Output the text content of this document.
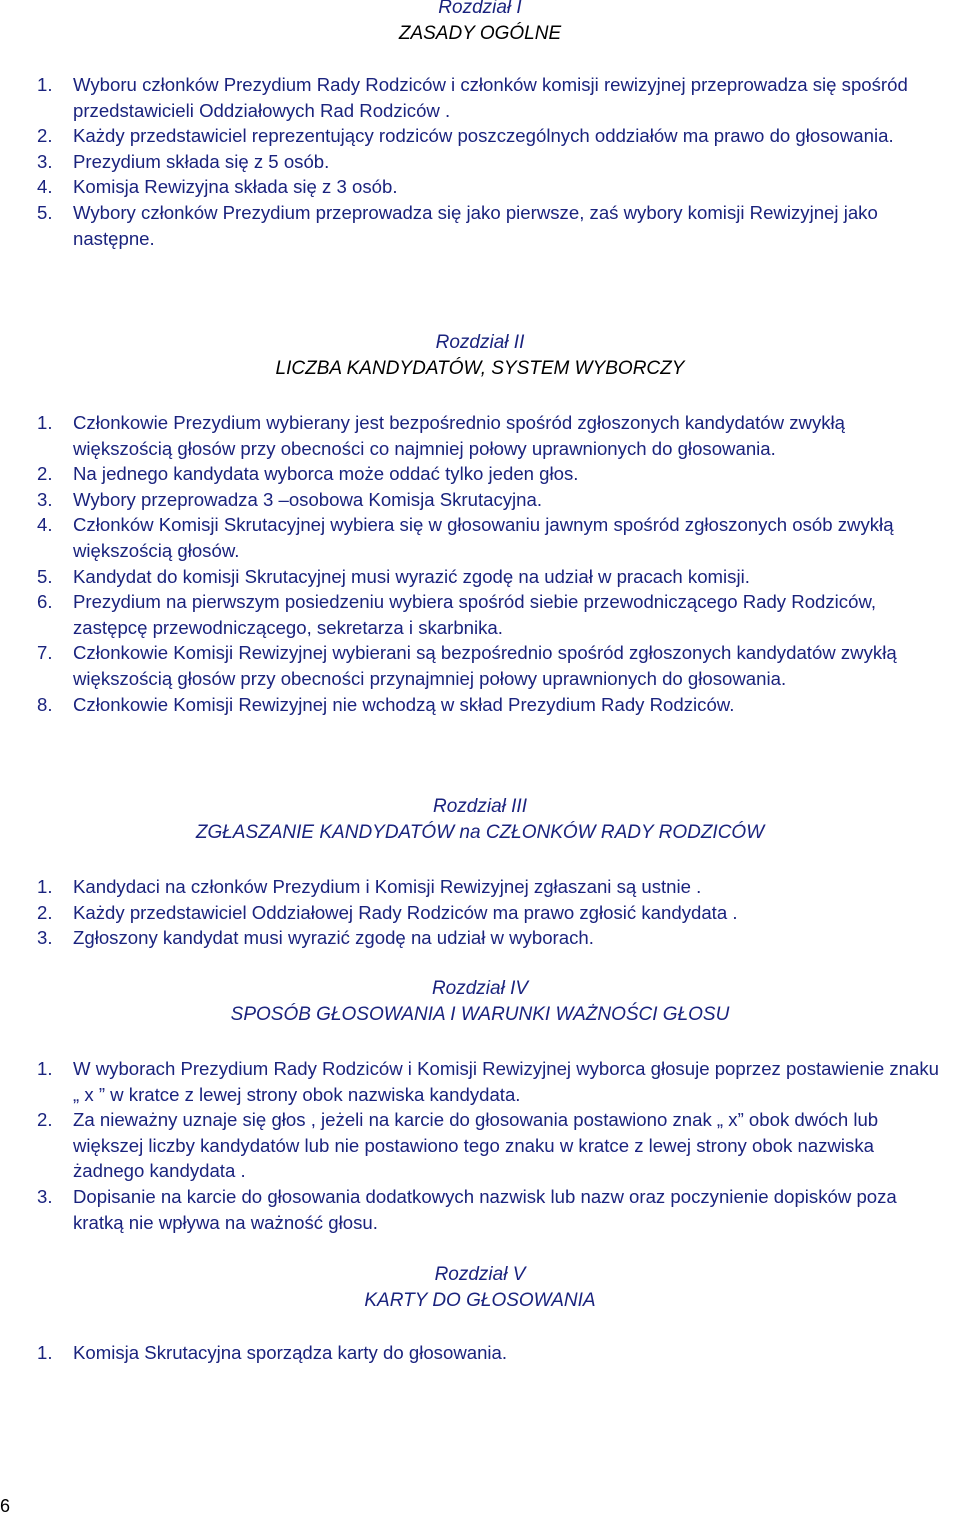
Rozdział I
ZASADY OGÓLNE

1. Wyboru członków Prezydium Rady Rodziców i członków komisji rewizyjnej przeprowadza się spośród przedstawicieli Oddziałowych Rad Rodziców .
2. Każdy przedstawiciel reprezentujący rodziców poszczególnych oddziałów ma prawo do głosowania.
3. Prezydium składa się z 5 osób.
4. Komisja Rewizyjna składa się z 3 osób.
5. Wybory członków Prezydium przeprowadza się jako pierwsze, zaś wybory komisji Rewizyjnej jako następne.

Rozdział II
LICZBA KANDYDATÓW, SYSTEM WYBORCZY

1. Członkowie Prezydium wybierany jest bezpośrednio spośród zgłoszonych kandydatów zwykłą większością głosów przy obecności co najmniej połowy uprawnionych do głosowania.
2. Na jednego kandydata wyborca może oddać tylko jeden głos.
3. Wybory przeprowadza 3 –osobowa Komisja Skrutacyjna.
4. Członków Komisji Skrutacyjnej wybiera się w głosowaniu jawnym spośród zgłoszonych osób zwykłą większością głosów.
5. Kandydat do komisji Skrutacyjnej musi wyrazić zgodę na udział w pracach komisji.
6. Prezydium na pierwszym posiedzeniu wybiera spośród siebie przewodniczącego Rady Rodziców, zastępcę przewodniczącego, sekretarza i skarbnika.
7. Członkowie Komisji Rewizyjnej wybierani są bezpośrednio spośród zgłoszonych kandydatów zwykłą większością głosów przy obecności przynajmniej połowy uprawnionych do głosowania.
8. Członkowie Komisji Rewizyjnej nie wchodzą w skład Prezydium Rady Rodziców.

Rozdział III
ZGŁASZANIE KANDYDATÓW na CZŁONKÓW RADY RODZICÓW

1. Kandydaci na członków Prezydium i Komisji Rewizyjnej zgłaszani są ustnie .
2. Każdy przedstawiciel Oddziałowej Rady Rodziców ma prawo zgłosić kandydata .
3. Zgłoszony kandydat musi wyrazić zgodę na udział w wyborach.

Rozdział IV
SPOSÓB GŁOSOWANIA I WARUNKI WAŻNOŚCI GŁOSU

1. W wyborach Prezydium Rady Rodziców i Komisji Rewizyjnej wyborca głosuje poprzez postawienie znaku „ x ” w kratce z lewej strony obok nazwiska kandydata.
2. Za nieważny uznaje się głos , jeżeli na karcie do głosowania postawiono znak „ x” obok dwóch lub większej liczby kandydatów lub nie postawiono tego znaku w kratce z lewej strony obok nazwiska żadnego kandydata .
3. Dopisanie na karcie do głosowania dodatkowych nazwisk lub nazw oraz poczynienie dopisków poza kratką nie wpływa na ważność głosu.

Rozdział V
KARTY DO GŁOSOWANIA

1. Komisja Skrutacyjna sporządza karty do głosowania.
6
